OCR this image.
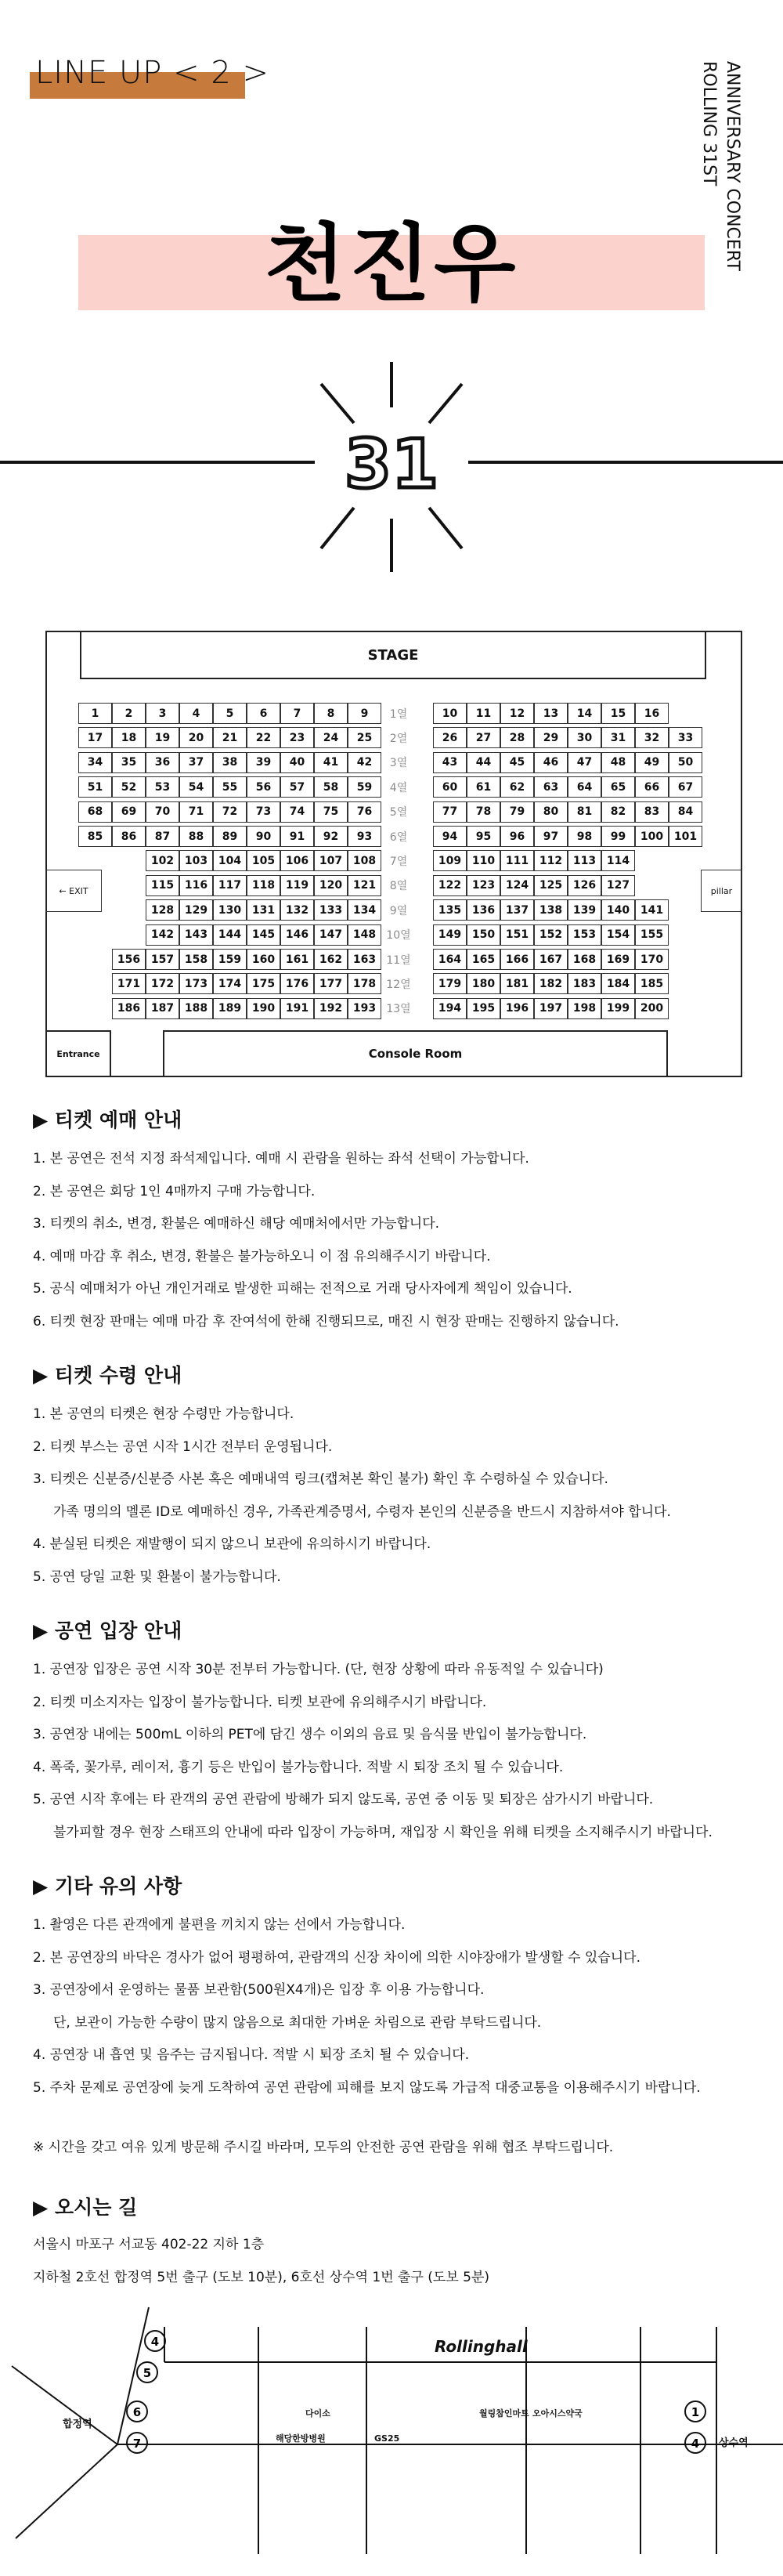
LINE UP < 2 >	ROLLING 31ST ANNIVERSARY CONCERT
천진우
31
STAGE
← EXIT	pillar
Entrance	Console Room
1	2	3	4	5	6	7	8	9	1열	10	11	12	13	14	15	16
17	18	19	20	21	22	23	24	25	2열	26	27	28	29	30	31	32	33
34	35	36	37	38	39	40	41	42	3열	43	44	45	46	47	48	49	50
51	52	53	54	55	56	57	58	59	4열	60	61	62	63	64	65	66	67
68	69	70	71	72	73	74	75	76	5열	77	78	79	80	81	82	83	84
85	86	87	88	89	90	91	92	93	6열	94	95	96	97	98	99	100 101
102 103 104 105 106 107 108	7열	109 110 111 112 113 114
115 116 117 118 119 120 121	8열	122 123 124 125 126 127
128 129 130 131 132 133 134	9열	135 136 137 138 139 140 141
142 143 144 145 146 147 148 10열	149 150 151 152 153 154 155
156 157 158 159 160 161 162 163 11열	164 165 166 167 168 169 170
171 172 173 174 175 176 177 178 12열	179 180 181 182 183 184 185
186 187 188 189 190 191 192 193 13열	194 195 196 197 198 199 200
▶ 티켓 예매 안내
1. 본 공연은 전석 지정 좌석제입니다. 예매 시 관람을 원하는 좌석 선택이 가능합니다.
2. 본 공연은 회당 1인 4매까지 구매 가능합니다.
3. 티켓의 취소, 변경, 환불은 예매하신 해당 예매처에서만 가능합니다.
4. 예매 마감 후 취소, 변경, 환불은 불가능하오니 이 점 유의해주시기 바랍니다.
5. 공식 예매처가 아닌 개인거래로 발생한 피해는 전적으로 거래 당사자에게 책임이 있습니다.
6. 티켓 현장 판매는 예매 마감 후 잔여석에 한해 진행되므로, 매진 시 현장 판매는 진행하지 않습니다.
▶ 티켓 수령 안내
1. 본 공연의 티켓은 현장 수령만 가능합니다.
2. 티켓 부스는 공연 시작 1시간 전부터 운영됩니다.
3. 티켓은 신분증/신분증 사본 혹은 예매내역 링크(캡쳐본 확인 불가) 확인 후 수령하실 수 있습니다.
가족 명의의 멜론 ID로 예매하신 경우, 가족관계증명서, 수령자 본인의 신분증을 반드시 지참하셔야 합니다.
4. 분실된 티켓은 재발행이 되지 않으니 보관에 유의하시기 바랍니다.
5. 공연 당일 교환 및 환불이 불가능합니다.
▶ 공연 입장 안내
1. 공연장 입장은 공연 시작 30분 전부터 가능합니다. (단, 현장 상황에 따라 유동적일 수 있습니다)
2. 티켓 미소지자는 입장이 불가능합니다. 티켓 보관에 유의해주시기 바랍니다.
3. 공연장 내에는 500mL 이하의 PET에 담긴 생수 이외의 음료 및 음식물 반입이 불가능합니다.
4. 폭죽, 꽃가루, 레이저, 흉기 등은 반입이 불가능합니다. 적발 시 퇴장 조치 될 수 있습니다.
5. 공연 시작 후에는 타 관객의 공연 관람에 방해가 되지 않도록, 공연 중 이동 및 퇴장은 삼가시기 바랍니다.
불가피할 경우 현장 스태프의 안내에 따라 입장이 가능하며, 재입장 시 확인을 위해 티켓을 소지해주시기 바랍니다.
▶ 기타 유의 사항
1. 촬영은 다른 관객에게 불편을 끼치지 않는 선에서 가능합니다.
2. 본 공연장의 바닥은 경사가 없어 평평하여, 관람객의 신장 차이에 의한 시야장애가 발생할 수 있습니다.
3. 공연장에서 운영하는 물품 보관함(500원X4개)은 입장 후 이용 가능합니다.
단, 보관이 가능한 수량이 많지 않음으로 최대한 가벼운 차림으로 관람 부탁드립니다.
4. 공연장 내 흡연 및 음주는 금지됩니다. 적발 시 퇴장 조치 될 수 있습니다.
5. 주차 문제로 공연장에 늦게 도착하여 공연 관람에 피해를 보지 않도록 가급적 대중교통을 이용해주시기 바랍니다.
※ 시간을 갖고 여유 있게 방문해 주시길 바라며, 모두의 안전한 공연 관람을 위해 협조 부탁드립니다.
▶ 오시는 길
서울시 마포구 서교동 402-22 지하 1층
지하철 2호선 합정역 5번 출구 (도보 10분), 6호선 상수역 1번 출구 (도보 5분)
4
5
6
7
1
4
Rollinghall
합정역
상수역
다이소
해당한방병원	GS25
월링참인마트 오아시스약국
